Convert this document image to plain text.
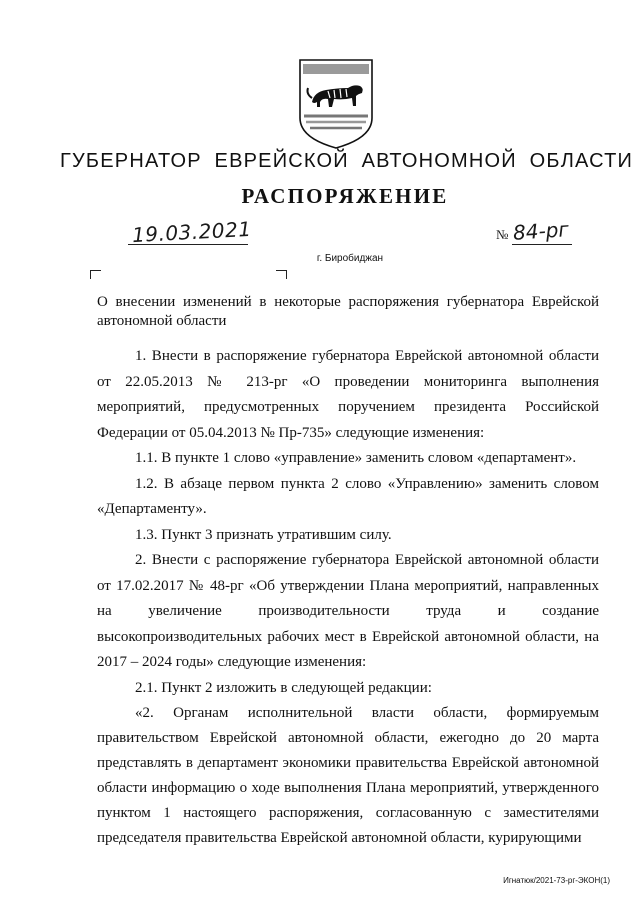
ГУБЕРНАТОР ЕВРЕЙСКОЙ АВТОНОМНОЙ ОБЛАСТИ
РАСПОРЯЖЕНИЕ
19.03.2021	№ 84-рг
г. Биробиджан
О внесении изменений в некоторые распоряжения губернатора Еврейской автономной области

1. Внести в распоряжение губернатора Еврейской автономной области от 22.05.2013 № 213-рг «О проведении мониторинга выполнения мероприятий, предусмотренных поручением президента Российской Федерации от 05.04.2013 № Пр-735» следующие изменения:

1.1. В пункте 1 слово «управление» заменить словом «департамент».

1.2. В абзаце первом пункта 2 слово «Управлению» заменить словом «Департаменту».

1.3. Пункт 3 признать утратившим силу.

2. Внести с распоряжение губернатора Еврейской автономной области от 17.02.2017 № 48-рг «Об утверждении Плана мероприятий, направленных на увеличение производительности труда и создание высокопроизводительных рабочих мест в Еврейской автономной области, на 2017 – 2024 годы» следующие изменения:

2.1. Пункт 2 изложить в следующей редакции:

«2. Органам исполнительной власти области, формируемым правительством Еврейской автономной области, ежегодно до 20 марта представлять в департамент экономики правительства Еврейской автономной области информацию о ходе выполнения Плана мероприятий, утвержденного пунктом 1 настоящего распоряжения, согласованную с заместителями председателя правительства Еврейской автономной области, курирующими

Игнатюк/2021-73-рг-ЭКОН(1)
